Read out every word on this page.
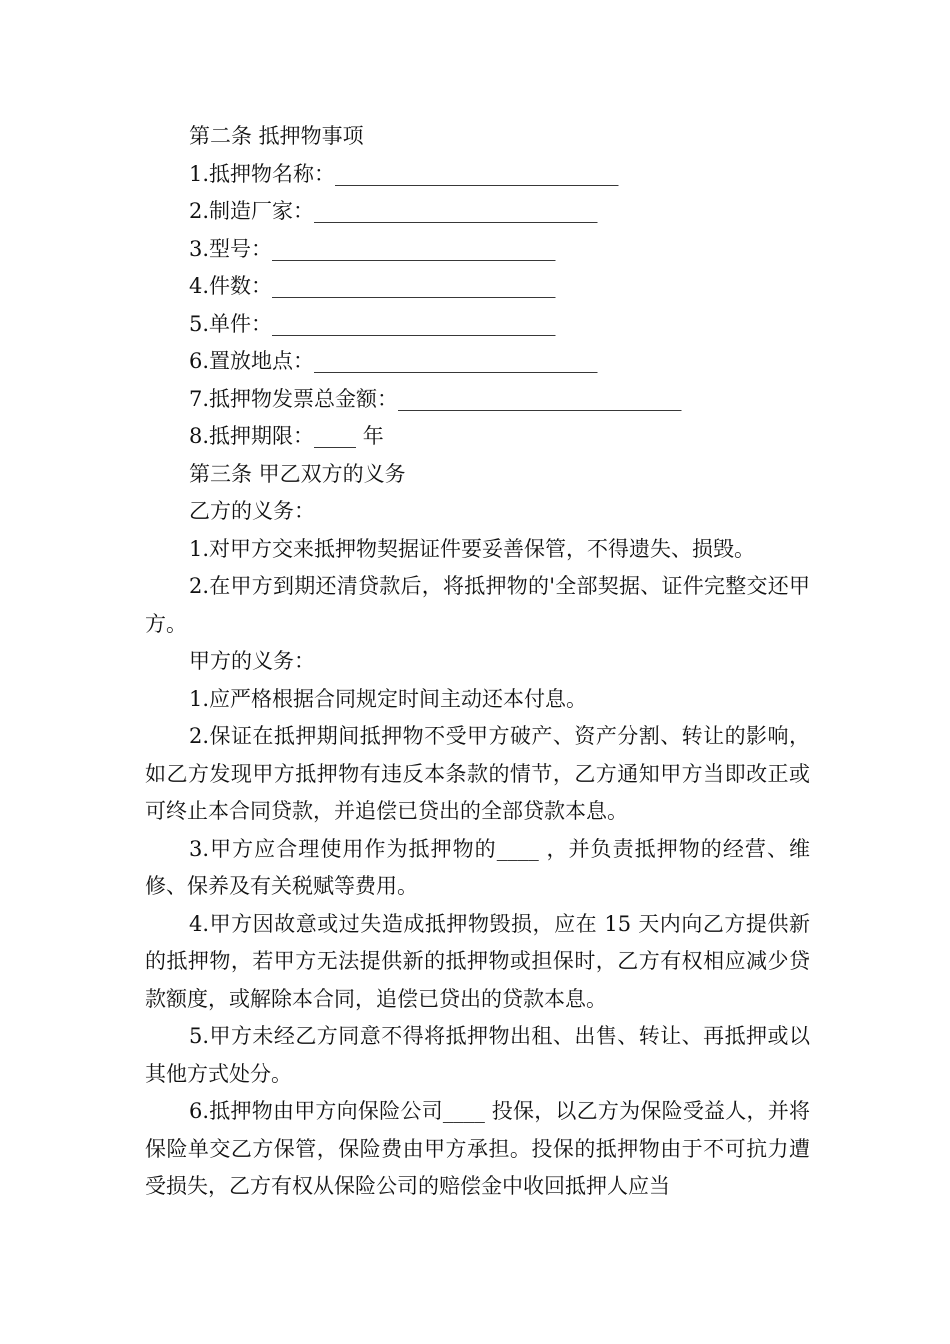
第二条 抵押物事项

1.抵押物名称：___________________________

2.制造厂家：___________________________

3.型号：___________________________

4.件数：___________________________

5.单件：___________________________

6.置放地点：___________________________

7.抵押物发票总金额：___________________________

8.抵押期限：____ 年

第三条 甲乙双方的义务

乙方的义务：

1.对甲方交来抵押物契据证件要妥善保管，不得遗失、损毁。

2.在甲方到期还清贷款后，将抵押物的'全部契据、证件完整交还甲方。

甲方的义务：

1.应严格根据合同规定时间主动还本付息。

2.保证在抵押期间抵押物不受甲方破产、资产分割、转让的影响，如乙方发现甲方抵押物有违反本条款的情节，乙方通知甲方当即改正或可终止本合同贷款，并追偿已贷出的全部贷款本息。

3.甲方应合理使用作为抵押物的____ ，并负责抵押物的经营、维修、保养及有关税赋等费用。

4.甲方因故意或过失造成抵押物毁损，应在 15 天内向乙方提供新的抵押物，若甲方无法提供新的抵押物或担保时，乙方有权相应减少贷款额度，或解除本合同，追偿已贷出的贷款本息。

5.甲方未经乙方同意不得将抵押物出租、出售、转让、再抵押或以其他方式处分。

6.抵押物由甲方向保险公司____ 投保，以乙方为保险受益人，并将保险单交乙方保管，保险费由甲方承担。投保的抵押物由于不可抗力遭受损失，乙方有权从保险公司的赔偿金中收回抵押人应当
